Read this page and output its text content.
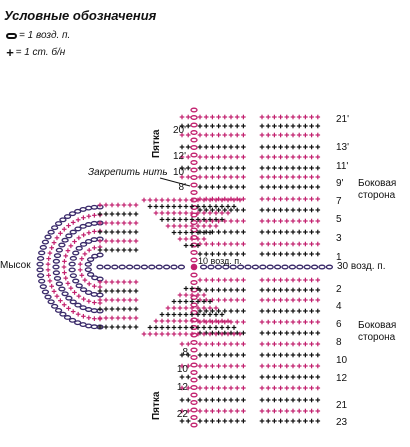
Условные обозначения
= 1 возд. п.
+ = 1 ст. б/н
21'
13'
11'
9'
7
5
3
1
2
4
6
8
10
12
21
23
20'
12'
10'
8'
8
10
12
22
Пятка
Пятка
Мысок
Закрепить нить
Боковая
сторона
Боковая
сторона
10 возд. п.	30 возд. п.
